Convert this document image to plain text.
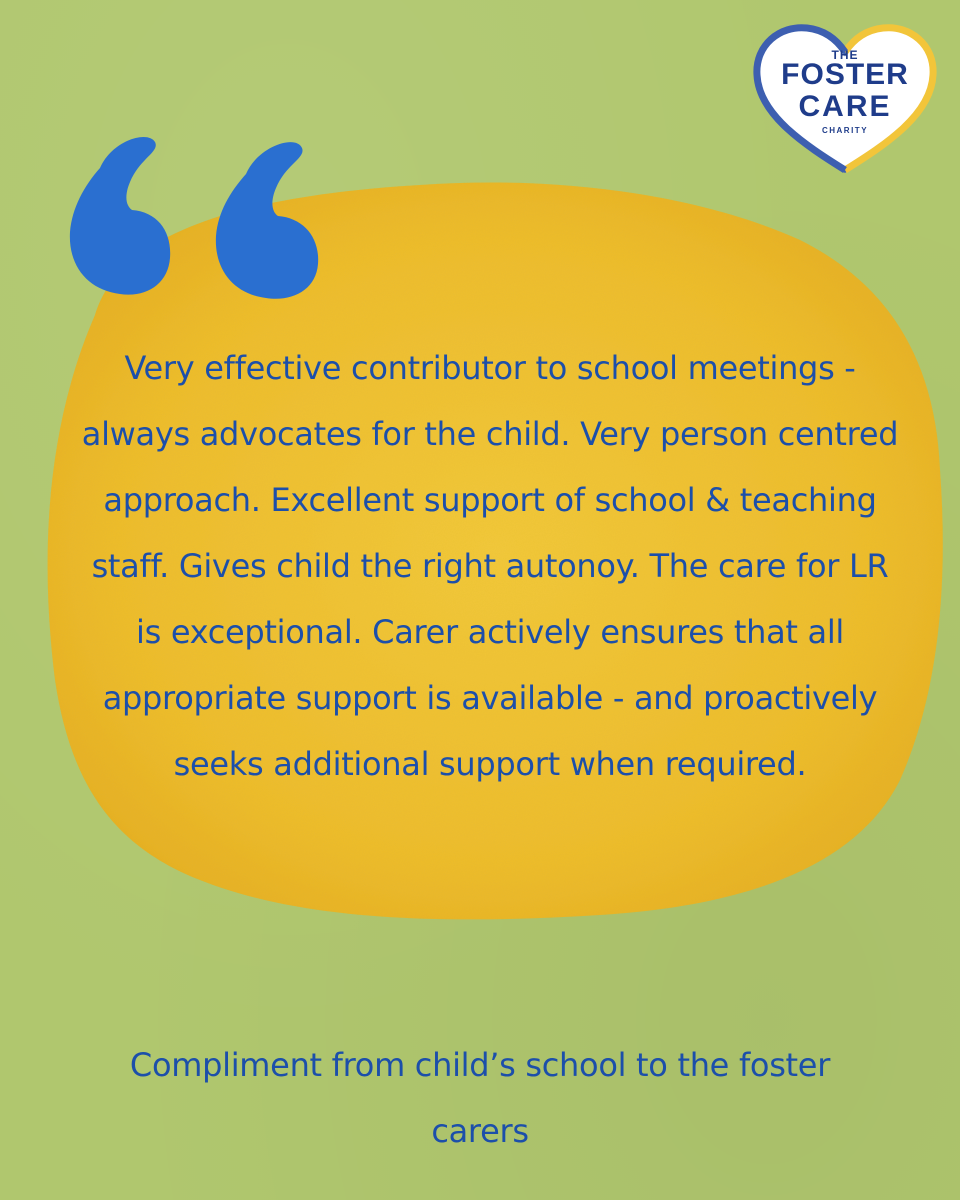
THE
FOSTER
CARE
CHARITY
Very effective contributor to school meetings - always advocates for the child. Very person centred approach. Excellent support of school & teaching staff. Gives child the right autonoy. The care for LR is exceptional. Carer actively ensures that all appropriate support is available - and proactively seeks additional support when required.
Compliment from child’s school to the foster carers
